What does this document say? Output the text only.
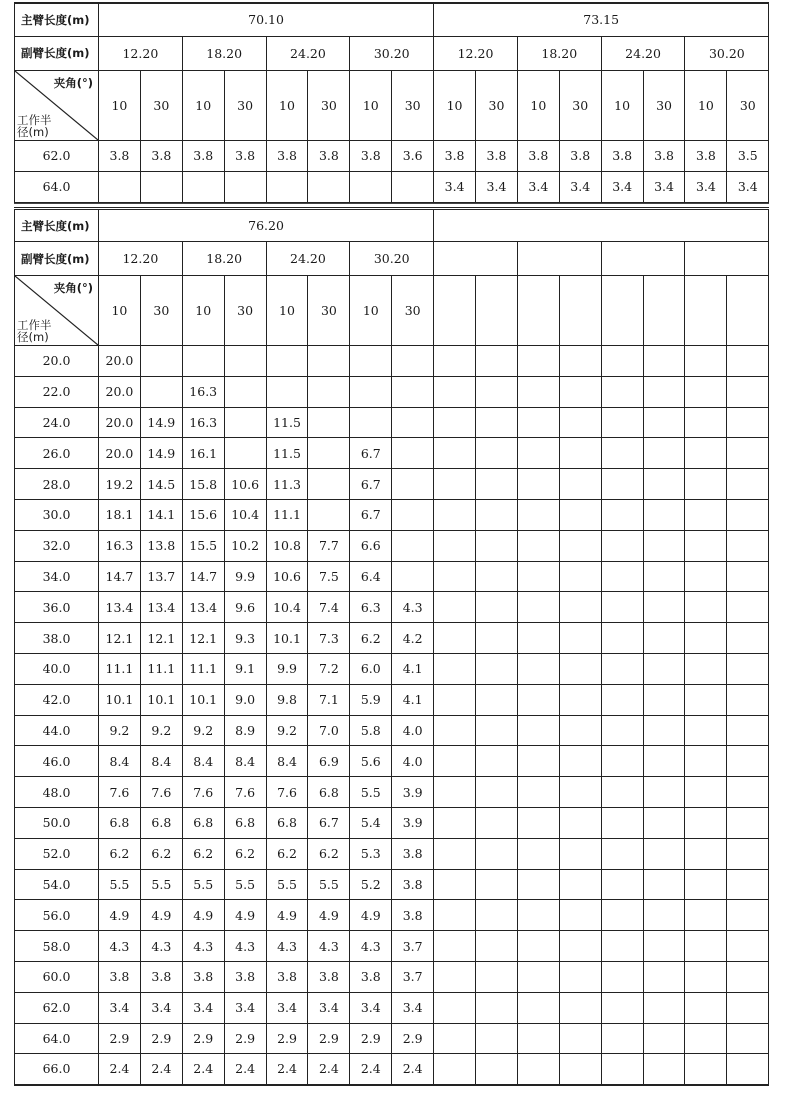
主臂长度(m)	70.10								73.15							
副臂长度(m)	12.20		18.20		24.20		30.20		12.20		18.20		24.20		30.20	

夹角(°)
工作半径(m)	10	30	10	30	10	30	10	30	10	30	10	30	10	30	10	30
62.0	3.8	3.8	3.8	3.8	3.8	3.8	3.8	3.6	3.8	3.8	3.8	3.8	3.8	3.8	3.8	3.5
64.0									3.4	3.4	3.4	3.4	3.4	3.4	3.4	3.4
主臂长度(m)	76.20															
副臂长度(m)	12.20		18.20		24.20		30.20									

夹角(°)
工作半径(m)	10	30	10	30	10	30	10	30								
20.0	20.0															
22.0	20.0		16.3													
24.0	20.0	14.9	16.3		11.5											
26.0	20.0	14.9	16.1		11.5		6.7									
28.0	19.2	14.5	15.8	10.6	11.3		6.7									
30.0	18.1	14.1	15.6	10.4	11.1		6.7									
32.0	16.3	13.8	15.5	10.2	10.8	7.7	6.6									
34.0	14.7	13.7	14.7	9.9	10.6	7.5	6.4									
36.0	13.4	13.4	13.4	9.6	10.4	7.4	6.3	4.3								
38.0	12.1	12.1	12.1	9.3	10.1	7.3	6.2	4.2								
40.0	11.1	11.1	11.1	9.1	9.9	7.2	6.0	4.1								
42.0	10.1	10.1	10.1	9.0	9.8	7.1	5.9	4.1								
44.0	9.2	9.2	9.2	8.9	9.2	7.0	5.8	4.0								
46.0	8.4	8.4	8.4	8.4	8.4	6.9	5.6	4.0								
48.0	7.6	7.6	7.6	7.6	7.6	6.8	5.5	3.9								
50.0	6.8	6.8	6.8	6.8	6.8	6.7	5.4	3.9								
52.0	6.2	6.2	6.2	6.2	6.2	6.2	5.3	3.8								
54.0	5.5	5.5	5.5	5.5	5.5	5.5	5.2	3.8								
56.0	4.9	4.9	4.9	4.9	4.9	4.9	4.9	3.8								
58.0	4.3	4.3	4.3	4.3	4.3	4.3	4.3	3.7								
60.0	3.8	3.8	3.8	3.8	3.8	3.8	3.8	3.7								
62.0	3.4	3.4	3.4	3.4	3.4	3.4	3.4	3.4								
64.0	2.9	2.9	2.9	2.9	2.9	2.9	2.9	2.9								
66.0	2.4	2.4	2.4	2.4	2.4	2.4	2.4	2.4								
